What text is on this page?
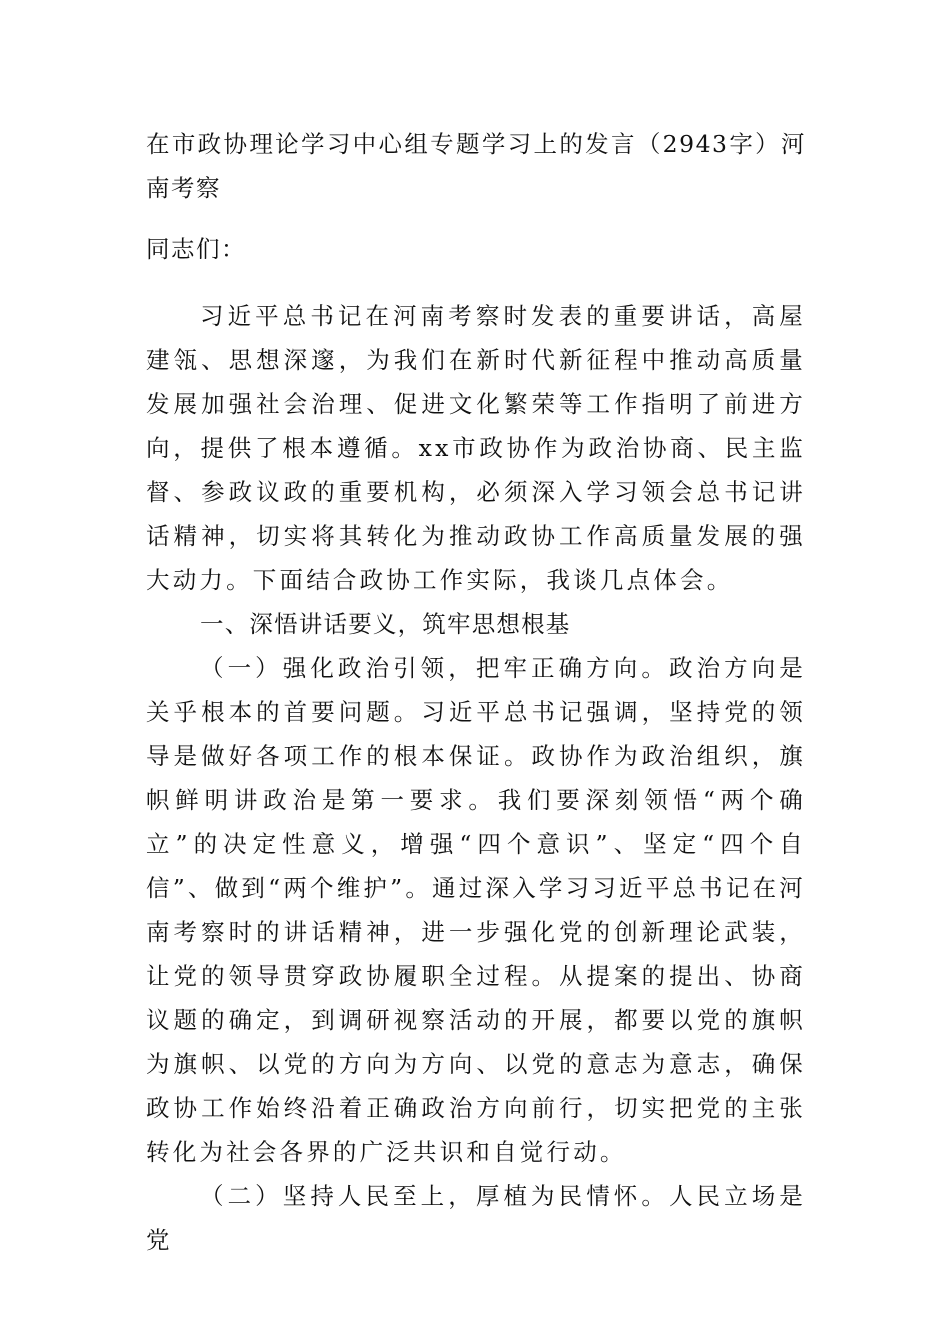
在市政协理论学习中心组专题学习上的发言（2943字）河南考察
同志们：

习近平总书记在河南考察时发表的重要讲话，高屋建瓴、思想深邃，为我们在新时代新征程中推动高质量发展加强社会治理、促进文化繁荣等工作指明了前进方向，提供了根本遵循。xx市政协作为政治协商、民主监督、参政议政的重要机构，必须深入学习领会总书记讲话精神，切实将其转化为推动政协工作高质量发展的强大动力。下面结合政协工作实际，我谈几点体会。

一、深悟讲话要义，筑牢思想根基

（一）强化政治引领，把牢正确方向。政治方向是关乎根本的首要问题。习近平总书记强调，坚持党的领导是做好各项工作的根本保证。政协作为政治组织，旗帜鲜明讲政治是第一要求。我们要深刻领悟“两个确立”的决定性意义，增强“四个意识”、坚定“四个自信”、做到“两个维护”。通过深入学习习近平总书记在河南考察时的讲话精神，进一步强化党的创新理论武装，让党的领导贯穿政协履职全过程。从提案的提出、协商议题的确定，到调研视察活动的开展，都要以党的旗帜为旗帜、以党的方向为方向、以党的意志为意志，确保政协工作始终沿着正确政治方向前行，切实把党的主张转化为社会各界的广泛共识和自觉行动。

（二）坚持人民至上，厚植为民情怀。人民立场是党
